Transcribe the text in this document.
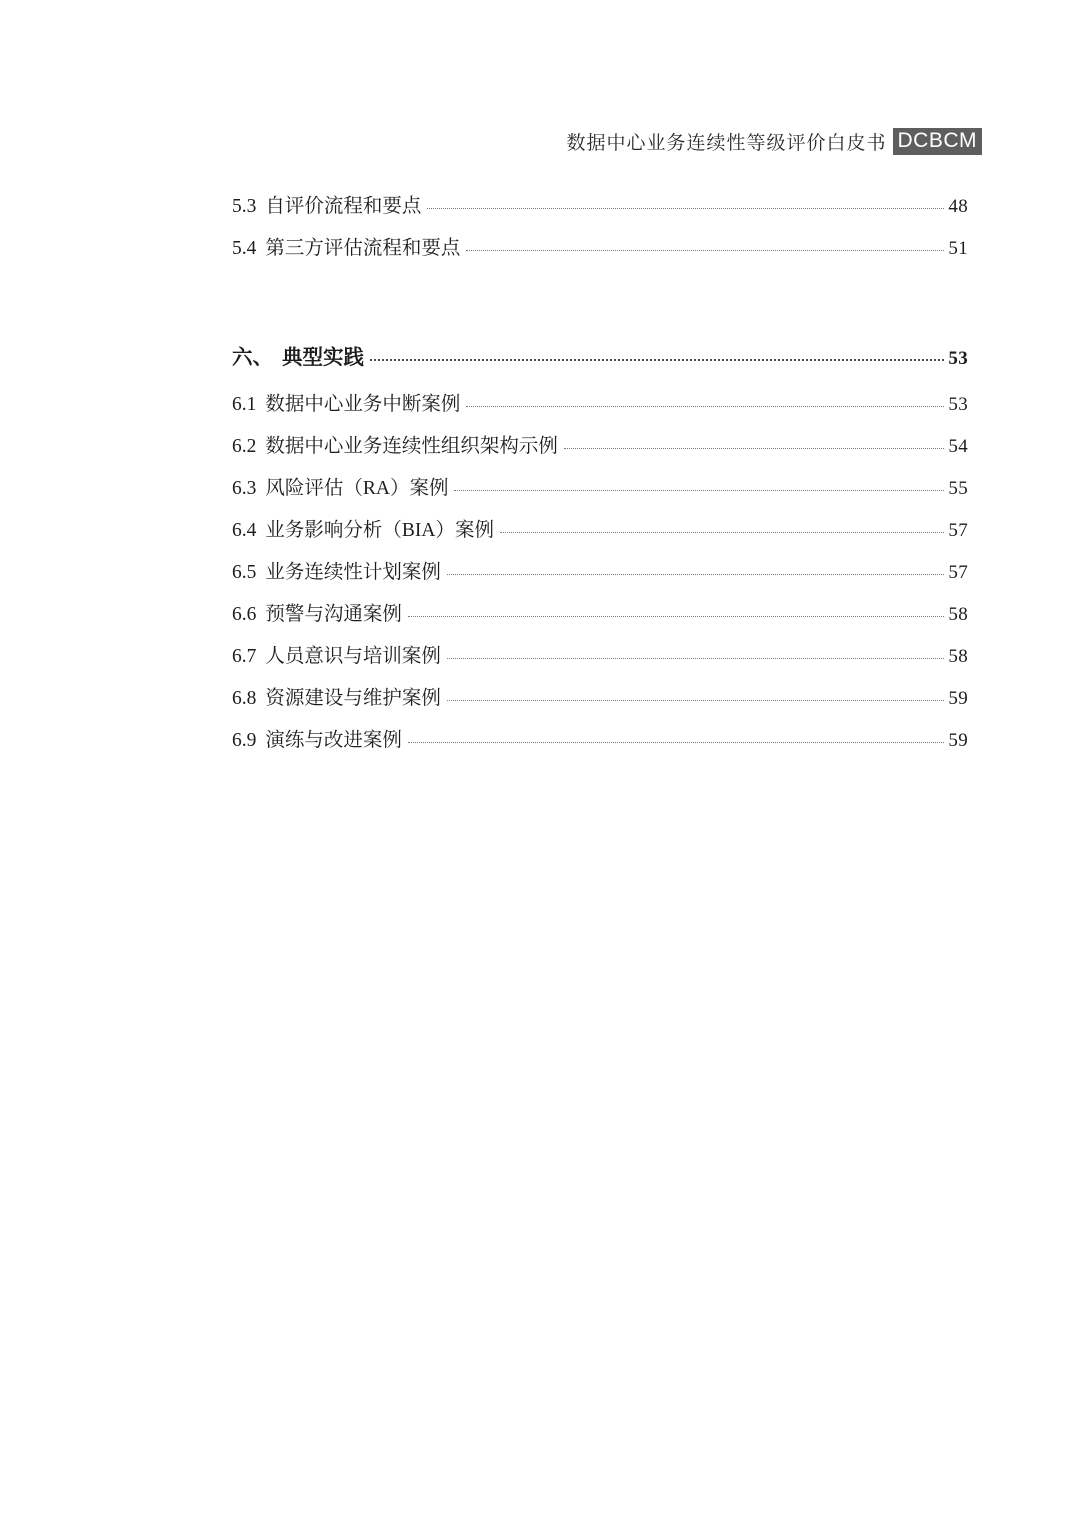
数据中心业务连续性等级评价白皮书 DCBCM
5.3 自评价流程和要点	48
5.4 第三方评估流程和要点	51
六、 典型实践	53
6.1 数据中心业务中断案例	53
6.2 数据中心业务连续性组织架构示例	54
6.3 风险评估（RA）案例	55
6.4 业务影响分析（BIA）案例	57
6.5 业务连续性计划案例	57
6.6 预警与沟通案例	58
6.7 人员意识与培训案例	58
6.8 资源建设与维护案例	59
6.9 演练与改进案例	59
